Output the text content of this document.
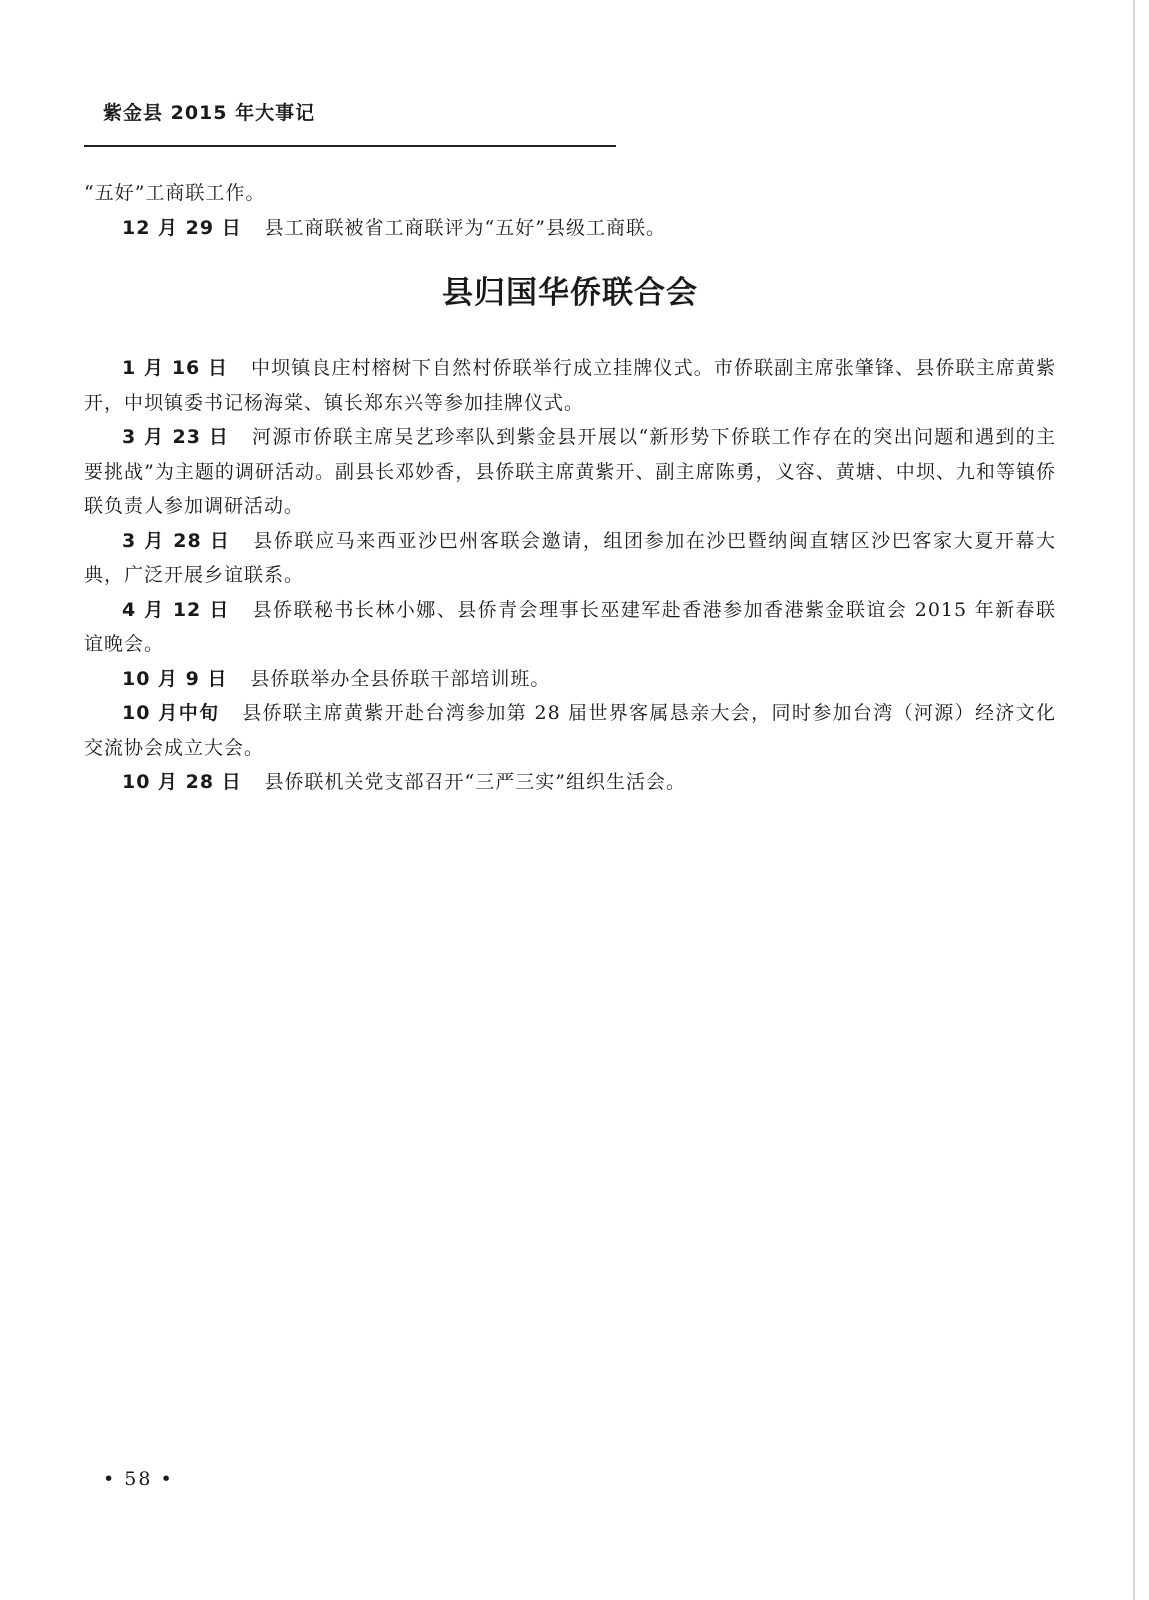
紫金县 2015 年大事记

“五好”工商联工作。

12 月 29 日 县工商联被省工商联评为“五好”县级工商联。

县归国华侨联合会

1 月 16 日 中坝镇良庄村榕树下自然村侨联举行成立挂牌仪式。市侨联副主席张肇锋、县侨联主席黄紫开，中坝镇委书记杨海棠、镇长郑东兴等参加挂牌仪式。

3 月 23 日 河源市侨联主席吴艺珍率队到紫金县开展以“新形势下侨联工作存在的突出问题和遇到的主要挑战”为主题的调研活动。副县长邓妙香，县侨联主席黄紫开、副主席陈勇，义容、黄塘、中坝、九和等镇侨联负责人参加调研活动。

3 月 28 日 县侨联应马来西亚沙巴州客联会邀请，组团参加在沙巴暨纳闽直辖区沙巴客家大夏开幕大典，广泛开展乡谊联系。

4 月 12 日 县侨联秘书长林小娜、县侨青会理事长巫建军赴香港参加香港紫金联谊会 2015 年新春联谊晚会。

10 月 9 日 县侨联举办全县侨联干部培训班。

10 月中旬 县侨联主席黄紫开赴台湾参加第 28 届世界客属恳亲大会，同时参加台湾（河源）经济文化交流协会成立大会。

10 月 28 日 县侨联机关党支部召开“三严三实”组织生活会。

• 58 •
